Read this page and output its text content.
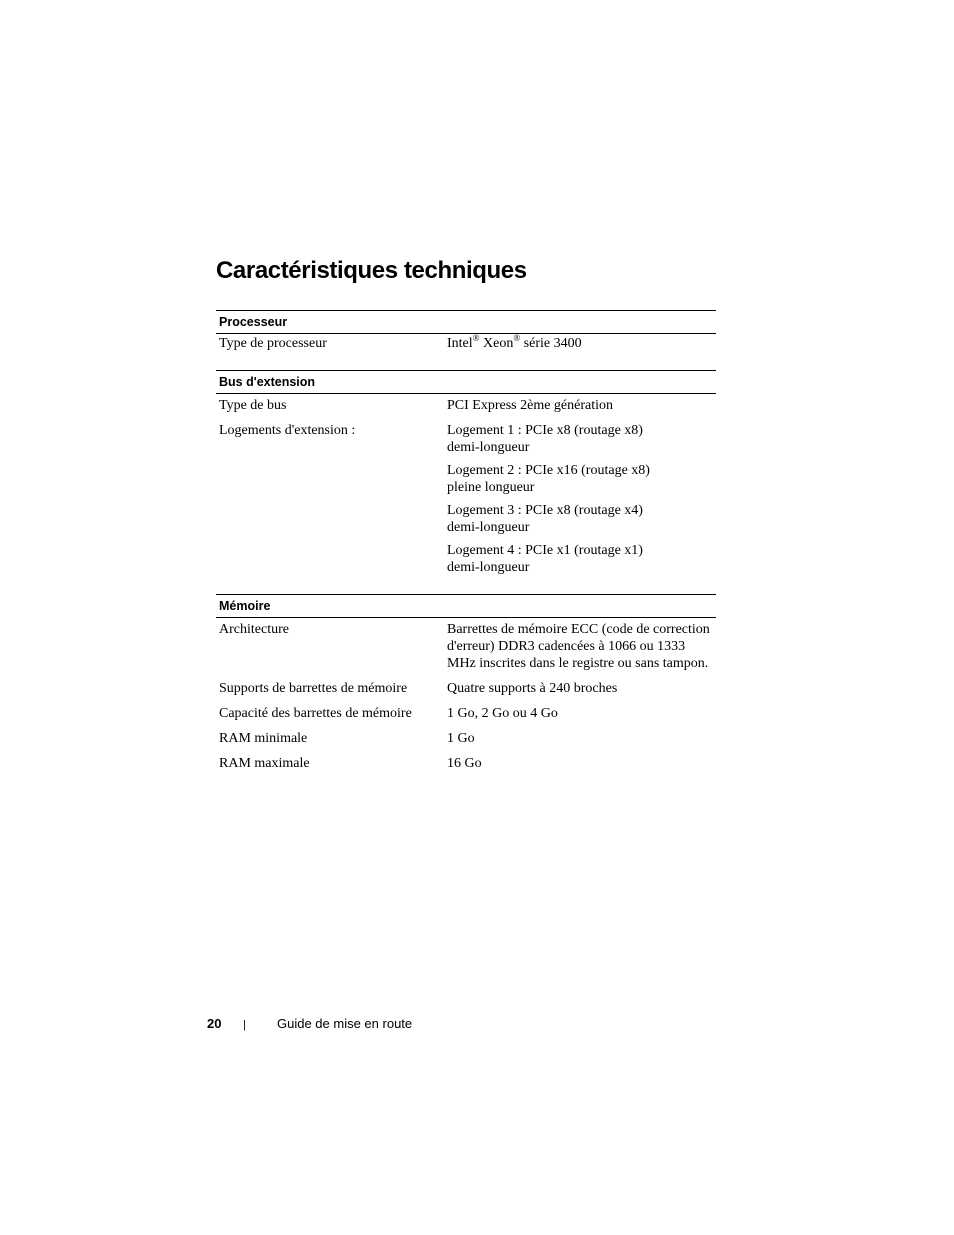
Caractéristiques techniques
Processeur
Type de processeur	Intel® Xeon® série 3400
Bus d'extension
Type de bus	PCI Express 2ème génération
Logements d'extension :	Logement 1 : PCIe x8 (routage x8) demi-longueur
Logement 2 : PCIe x16 (routage x8) pleine longueur
Logement 3 : PCIe x8 (routage x4) demi-longueur
Logement 4 : PCIe x1 (routage x1) demi-longueur
Mémoire
Architecture	Barrettes de mémoire ECC (code de correction d'erreur) DDR3 cadencées à 1066 ou 1333 MHz inscrites dans le registre ou sans tampon.
Supports de barrettes de mémoire	Quatre supports à 240 broches
Capacité des barrettes de mémoire	1 Go, 2 Go ou 4 Go
RAM minimale	1 Go
RAM maximale	16 Go
20 | Guide de mise en route
